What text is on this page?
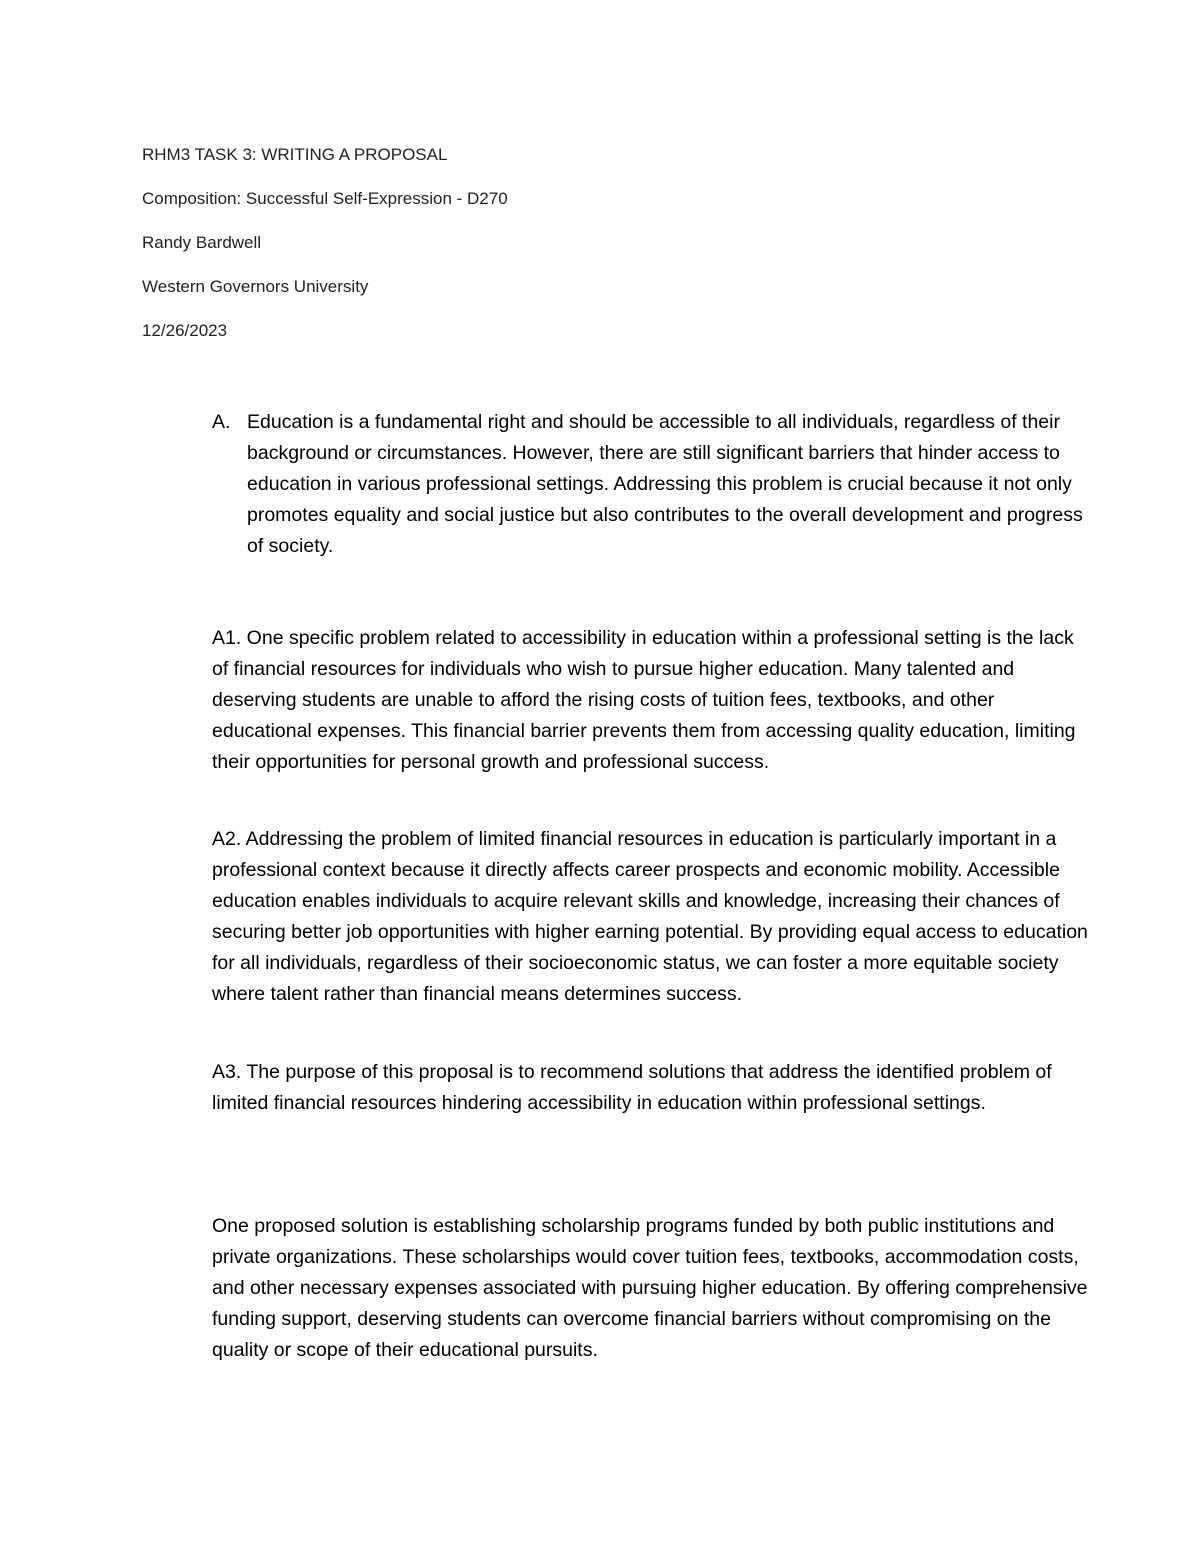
RHM3 TASK 3: WRITING A PROPOSAL

Composition: Successful Self-Expression - D270

Randy Bardwell

Western Governors University

12/26/2023

A. Education is a fundamental right and should be accessible to all individuals, regardless of their background or circumstances. However, there are still significant barriers that hinder access to education in various professional settings. Addressing this problem is crucial because it not only promotes equality and social justice but also contributes to the overall development and progress of society.

A1. One specific problem related to accessibility in education within a professional setting is the lack of financial resources for individuals who wish to pursue higher education. Many talented and deserving students are unable to afford the rising costs of tuition fees, textbooks, and other educational expenses. This financial barrier prevents them from accessing quality education, limiting their opportunities for personal growth and professional success.

A2. Addressing the problem of limited financial resources in education is particularly important in a professional context because it directly affects career prospects and economic mobility. Accessible education enables individuals to acquire relevant skills and knowledge, increasing their chances of securing better job opportunities with higher earning potential. By providing equal access to education for all individuals, regardless of their socioeconomic status, we can foster a more equitable society where talent rather than financial means determines success.

A3. The purpose of this proposal is to recommend solutions that address the identified problem of limited financial resources hindering accessibility in education within professional settings.

One proposed solution is establishing scholarship programs funded by both public institutions and private organizations. These scholarships would cover tuition fees, textbooks, accommodation costs, and other necessary expenses associated with pursuing higher education. By offering comprehensive funding support, deserving students can overcome financial barriers without compromising on the quality or scope of their educational pursuits.
